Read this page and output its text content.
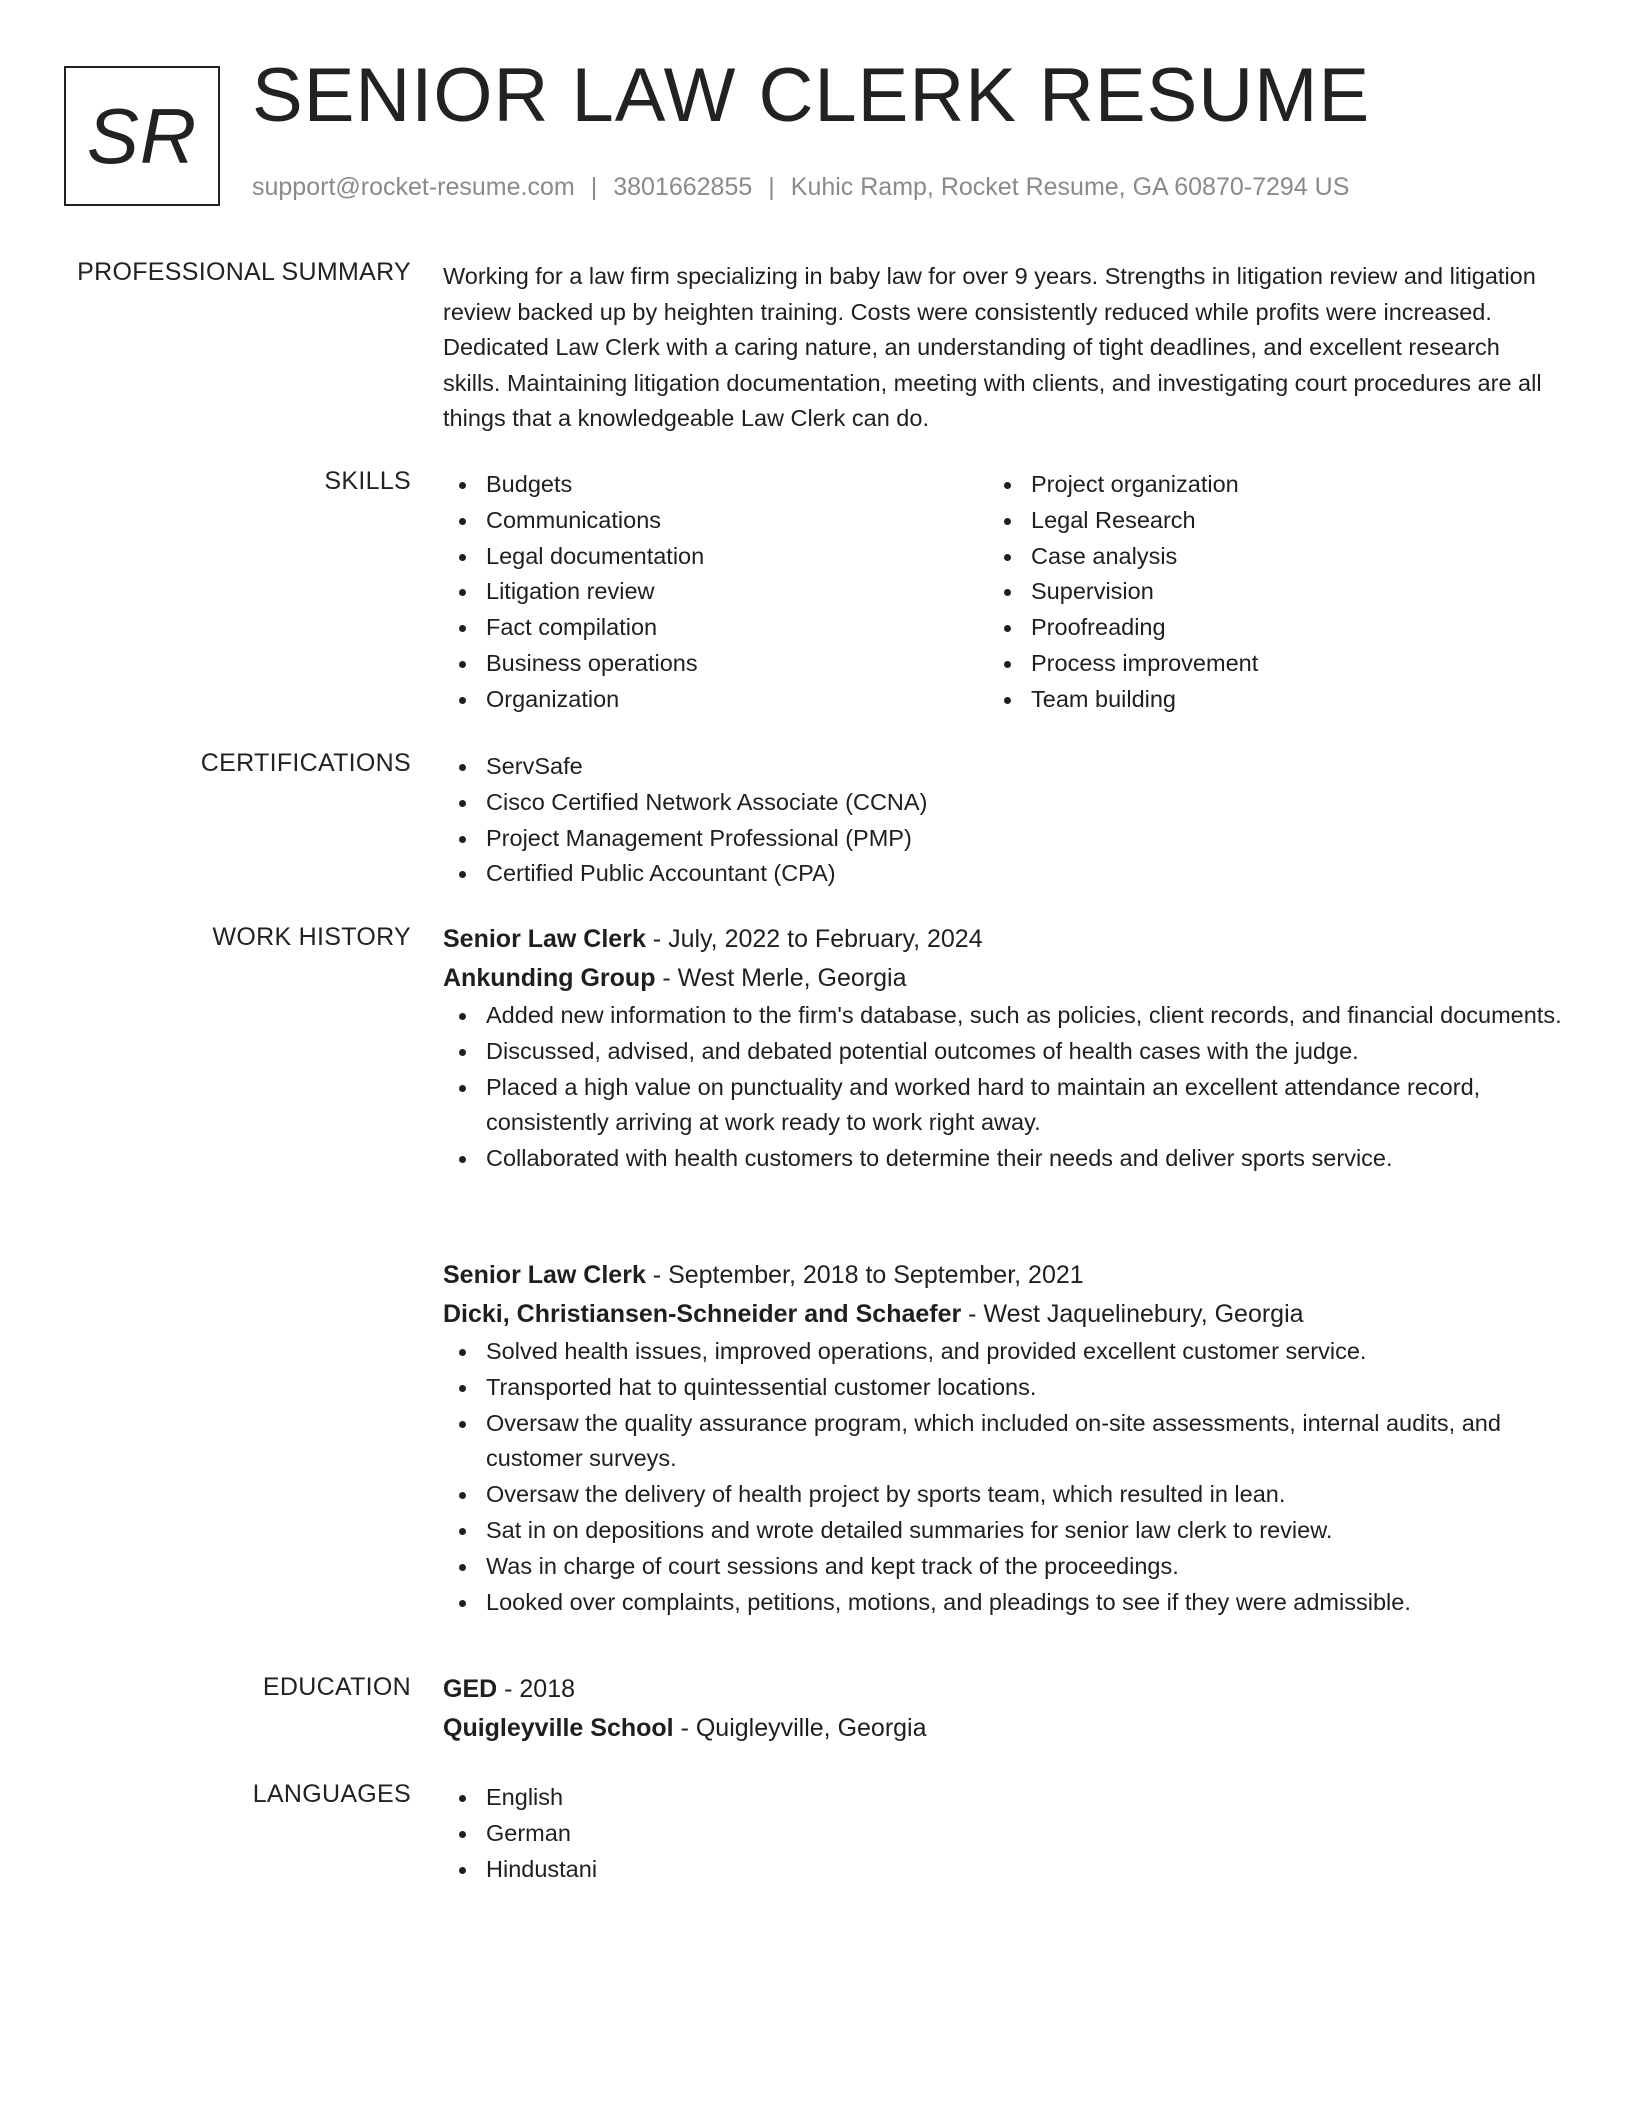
SR SENIOR LAW CLERK RESUME
support@rocket-resume.com | 3801662855 | Kuhic Ramp, Rocket Resume, GA 60870-7294 US
PROFESSIONAL SUMMARY Working for a law firm specializing in baby law for over 9 years. Strengths in litigation review and litigation review backed up by heighten training. Costs were consistently reduced while profits were increased. Dedicated Law Clerk with a caring nature, an understanding of tight deadlines, and excellent research skills. Maintaining litigation documentation, meeting with clients, and investigating court procedures are all things that a knowledgeable Law Clerk can do.

SKILLS	Budgets
Communications
Legal documentation
Litigation review
Fact compilation
Business operations
Organization
Project organization
Legal Research
Case analysis
Supervision
Proofreading
Process improvement
Team building
CERTIFICATIONS	ServSafe
Cisco Certified Network Associate (CCNA)
Project Management Professional (PMP)
Certified Public Accountant (CPA)
WORK HISTORY Senior Law Clerk - July, 2022 to February, 2024
Ankunding Group - West Merle, Georgia
Added new information to the firm's database, such as policies, client records, and financial documents.
Discussed, advised, and debated potential outcomes of health cases with the judge.
Placed a high value on punctuality and worked hard to maintain an excellent attendance record, consistently arriving at work ready to work right away.
Collaborated with health customers to determine their needs and deliver sports service.
Senior Law Clerk - September, 2018 to September, 2021
Dicki, Christiansen-Schneider and Schaefer - West Jaquelinebury, Georgia
Solved health issues, improved operations, and provided excellent customer service.
Transported hat to quintessential customer locations.
Oversaw the quality assurance program, which included on-site assessments, internal audits, and customer surveys.
Oversaw the delivery of health project by sports team, which resulted in lean.
Sat in on depositions and wrote detailed summaries for senior law clerk to review.
Was in charge of court sessions and kept track of the proceedings.
Looked over complaints, petitions, motions, and pleadings to see if they were admissible.
EDUCATION GED - 2018
Quigleyville School - Quigleyville, Georgia
LANGUAGES	English
German
Hindustani
